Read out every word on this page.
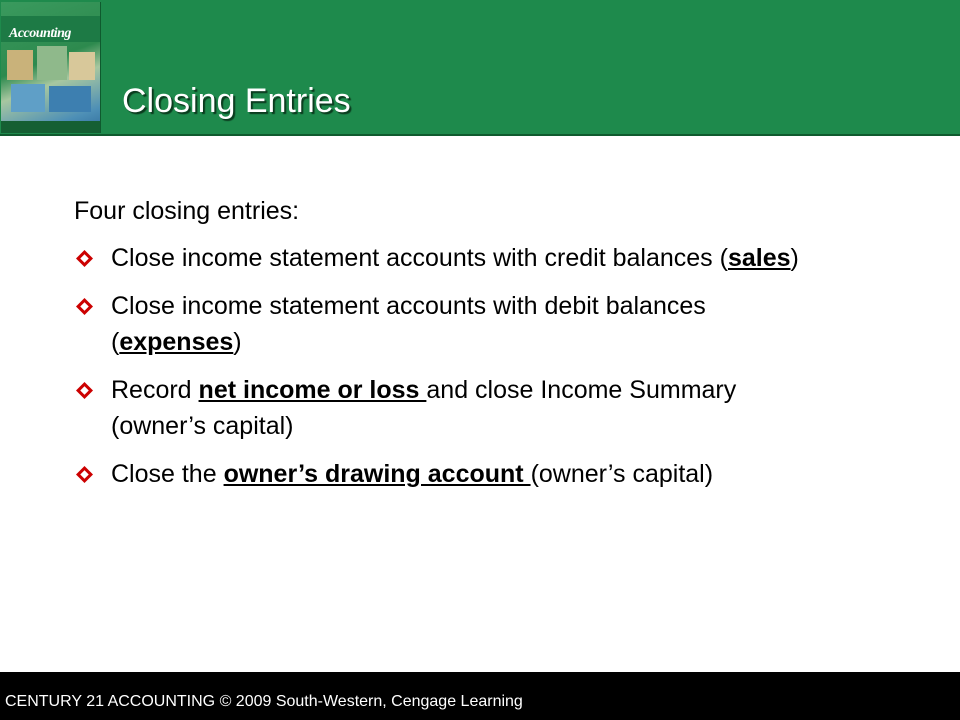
Accounting
Closing Entries

Four closing entries:

Close income statement accounts with credit balances (sales)
Close income statement accounts with debit balances (expenses)
Record net income or loss and close Income Summary (owner’s capital)
Close the owner’s drawing account (owner’s capital)
CENTURY 21 ACCOUNTING © 2009 South-Western, Cengage Learning
